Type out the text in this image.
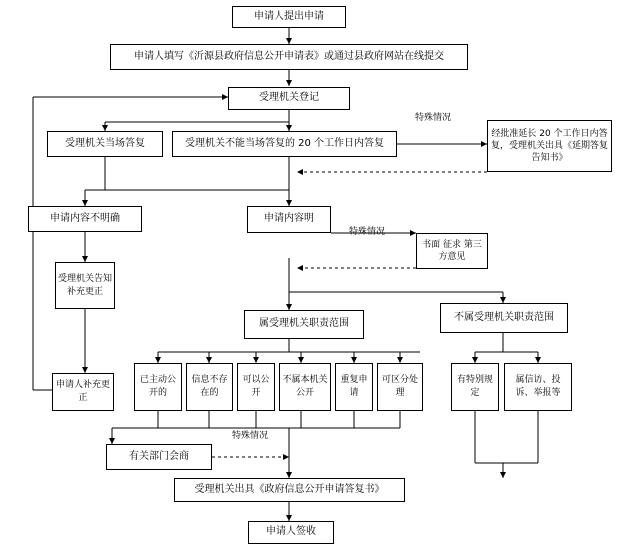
申请人提出申请
申请人填写《沂源县政府信息公开申请表》或通过县政府网站在线提交
受理机关登记
受理机关当场答复	受理机关不能当场答复的 20 个工作日内答复
经批准延长 20 个工作日内答复，受理机关出具《延期答复告知书》
申请内容不明确	申请内容明
书面 征求 第三方意见
受理机关告知补充更正
申请人补充更正
属受理机关职责范围
不属受理机关职责范围
已主动公开的
信息不存在的
可以公开
不属本机关公开
重复申请
可区分处理
有特别规定
属信访、投诉、举报等
有关部门会商
受理机关出具《政府信息公开申请答复书》
申请人签收
特殊情况
特殊情况
特殊情况
